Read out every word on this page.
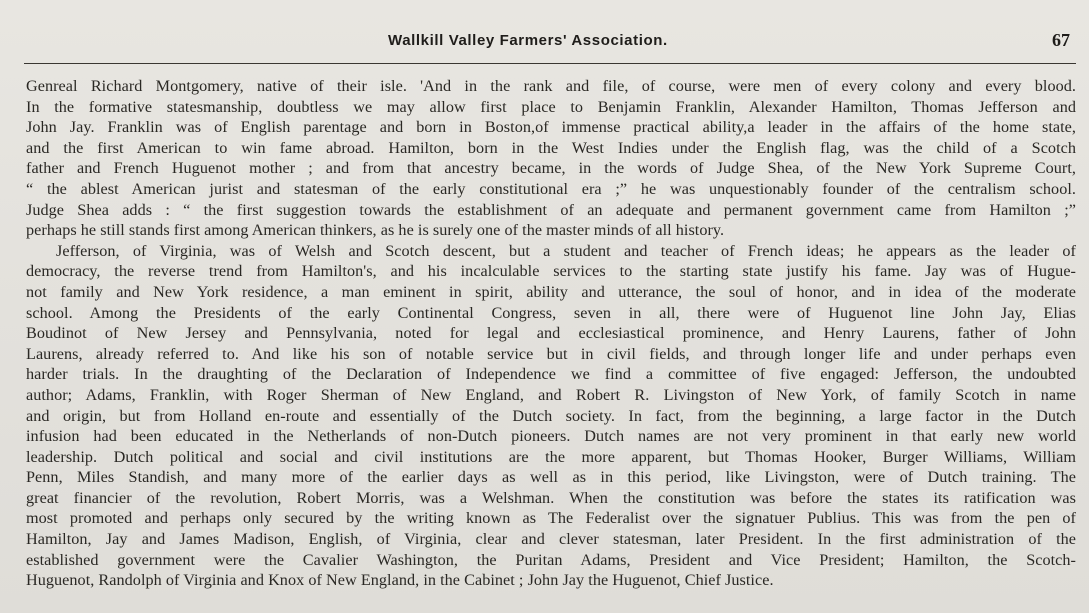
Wallkill Valley Farmers' Association.	67
Genreal Richard Montgomery, native of their isle. 'And in the rank and file, of course, were men of every colony and every blood.
In the formative statesmanship, doubtless we may allow first place to Benjamin Franklin, Alexander Hamilton, Thomas Jefferson and
John Jay. Franklin was of English parentage and born in Boston,of immense practical ability,a leader in the affairs of the home state,
and the first American to win fame abroad. Hamilton, born in the West Indies under the English flag, was the child of a Scotch
father and French Huguenot mother ; and from that ancestry became, in the words of Judge Shea, of the New York Supreme Court,
“ the ablest American jurist and statesman of the early constitutional era ;” he was unquestionably founder of the centralism school.
Judge Shea adds : “ the first suggestion towards the establishment of an adequate and permanent government came from Hamilton ;”
perhaps he still stands first among American thinkers, as he is surely one of the master minds of all history.
Jefferson, of Virginia, was of Welsh and Scotch descent, but a student and teacher of French ideas; he appears as the leader of
democracy, the reverse trend from Hamilton's, and his incalculable services to the starting state justify his fame. Jay was of Hugue-
not family and New York residence, a man eminent in spirit, ability and utterance, the soul of honor, and in idea of the moderate
school. Among the Presidents of the early Continental Congress, seven in all, there were of Huguenot line John Jay, Elias
Boudinot of New Jersey and Pennsylvania, noted for legal and ecclesiastical prominence, and Henry Laurens, father of John
Laurens, already referred to. And like his son of notable service but in civil fields, and through longer life and under perhaps even
harder trials. In the draughting of the Declaration of Independence we find a committee of five engaged: Jefferson, the undoubted
author; Adams, Franklin, with Roger Sherman of New England, and Robert R. Livingston of New York, of family Scotch in name
and origin, but from Holland en-route and essentially of the Dutch society. In fact, from the beginning, a large factor in the Dutch
infusion had been educated in the Netherlands of non-Dutch pioneers. Dutch names are not very prominent in that early new world
leadership. Dutch political and social and civil institutions are the more apparent, but Thomas Hooker, Burger Williams, William
Penn, Miles Standish, and many more of the earlier days as well as in this period, like Livingston, were of Dutch training. The
great financier of the revolution, Robert Morris, was a Welshman. When the constitution was before the states its ratification was
most promoted and perhaps only secured by the writing known as The Federalist over the signatuer Publius. This was from the pen of
Hamilton, Jay and James Madison, English, of Virginia, clear and clever statesman, later President. In the first administration of the
established government were the Cavalier Washington, the Puritan Adams, President and Vice President; Hamilton, the Scotch-
Huguenot, Randolph of Virginia and Knox of New England, in the Cabinet ; John Jay the Huguenot, Chief Justice.
